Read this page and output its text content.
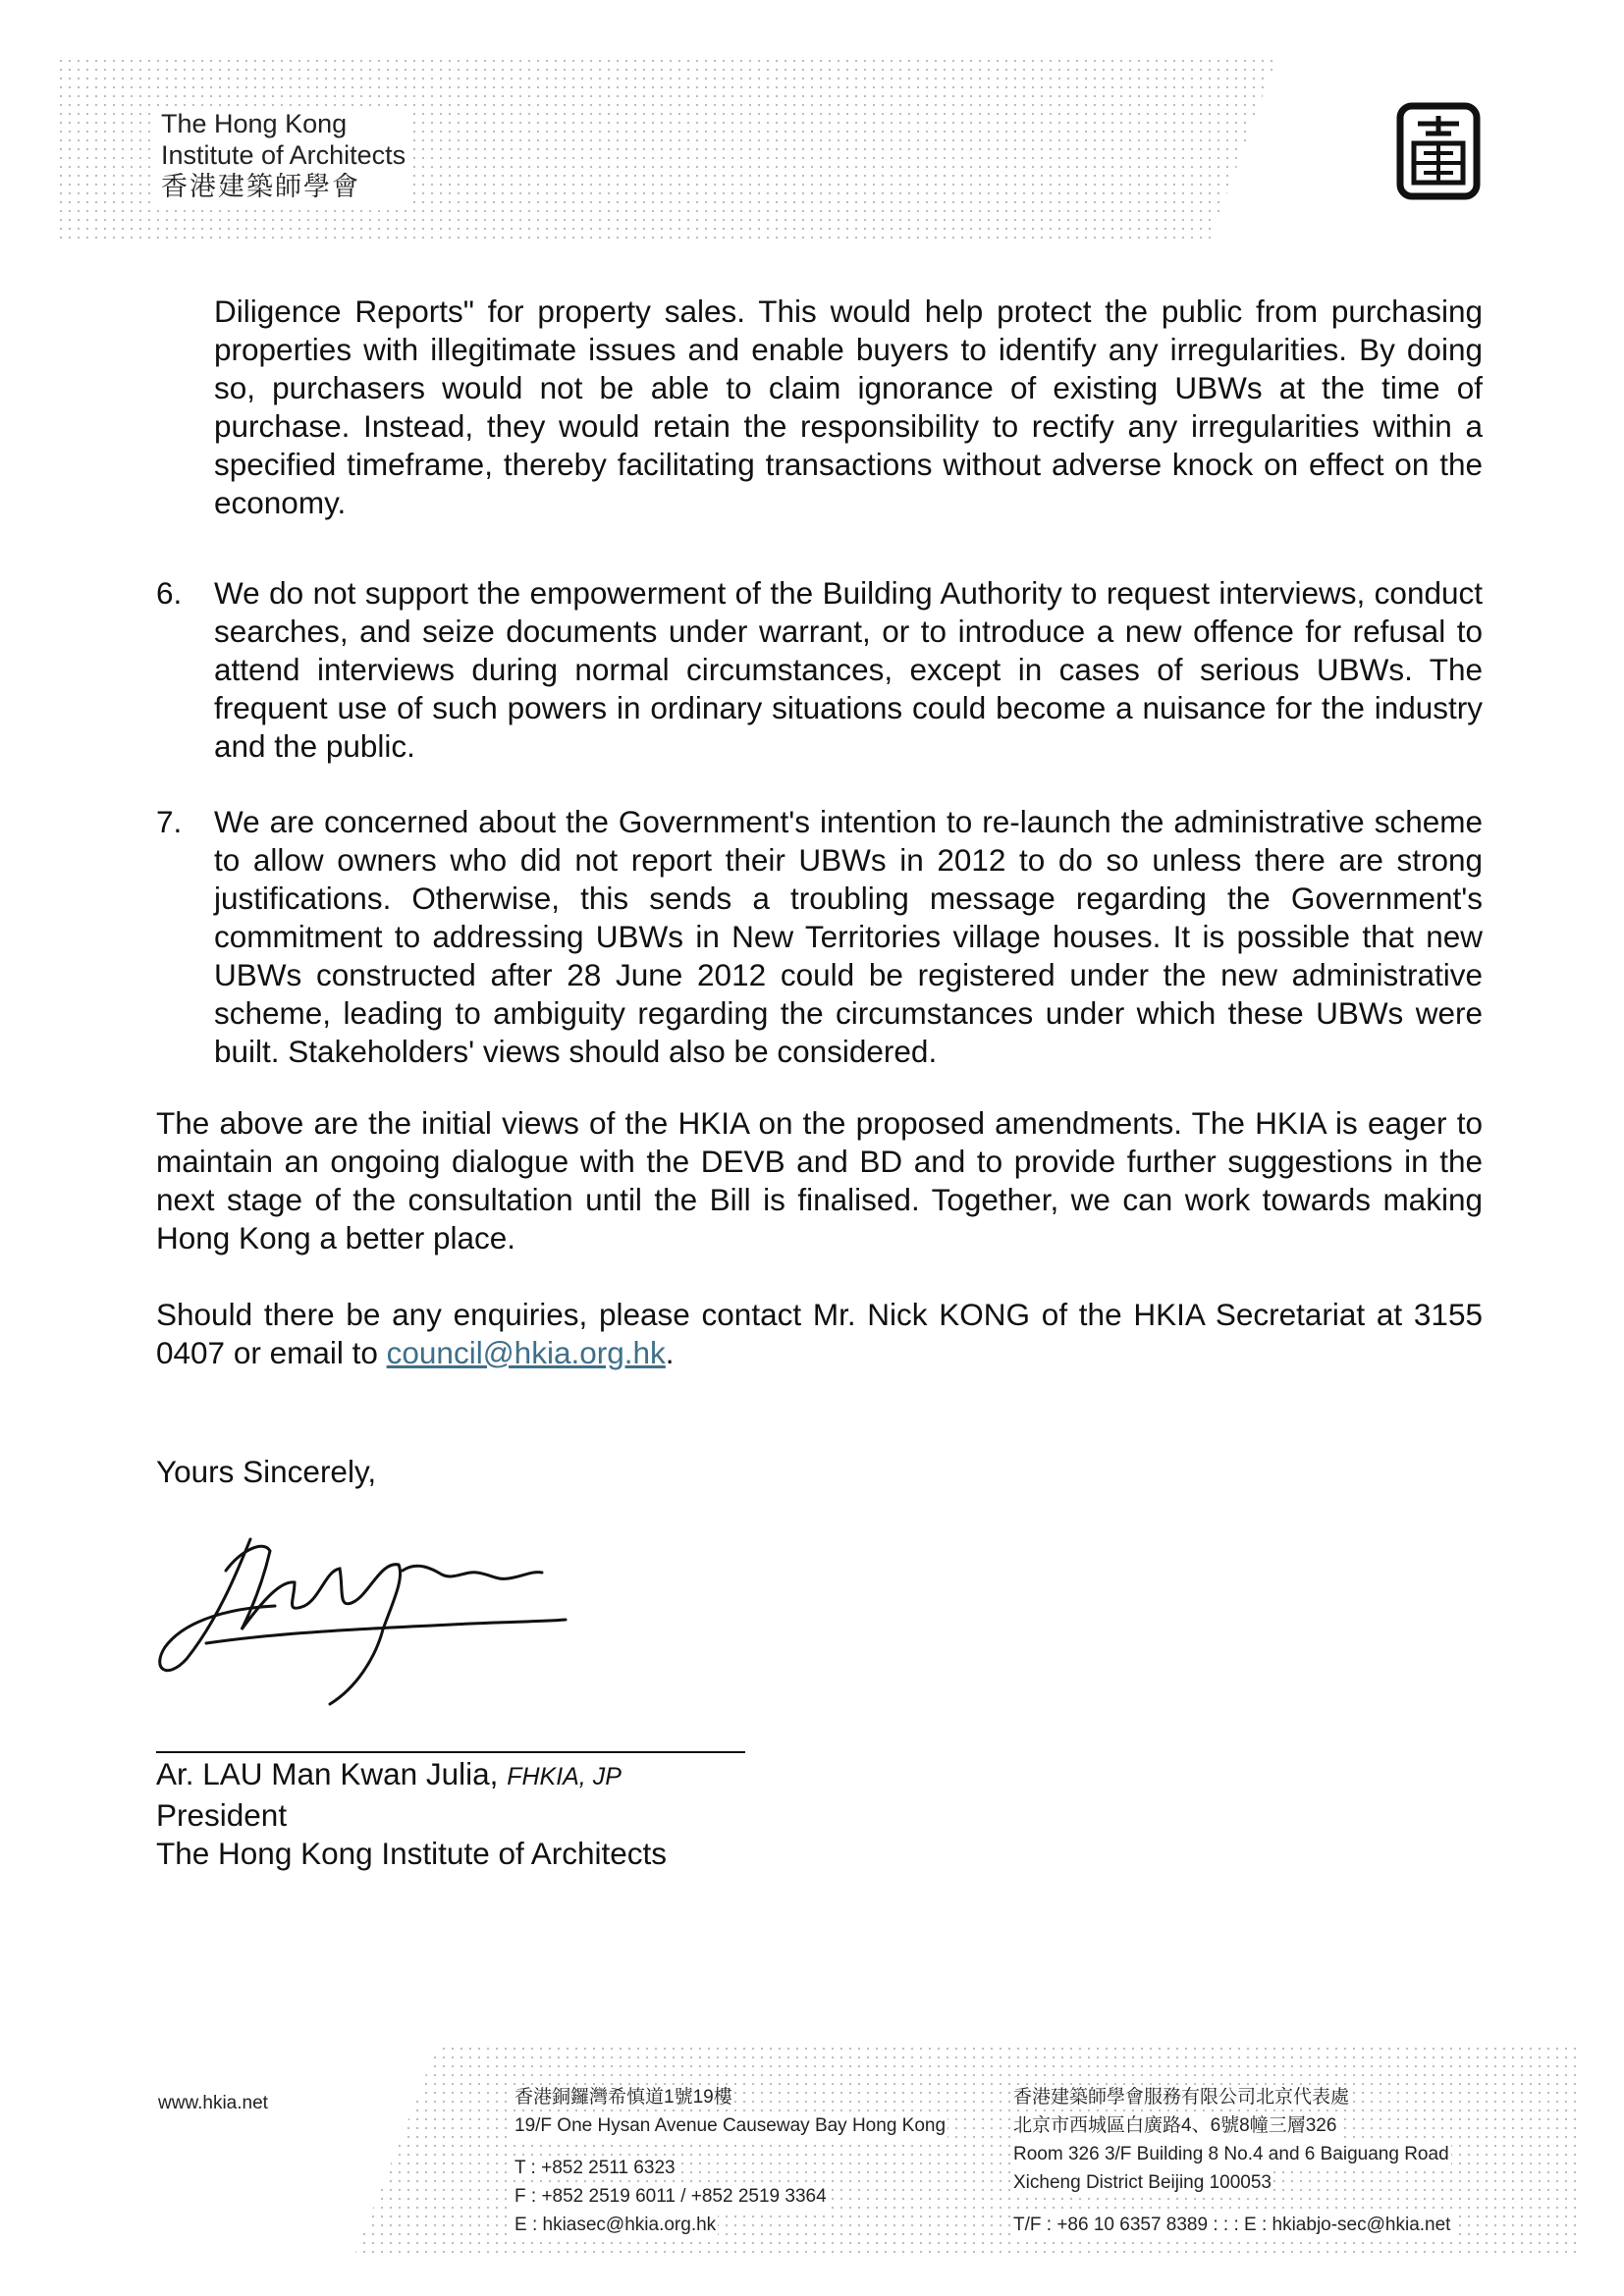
The Hong Kong
Institute of Architects
香港建築師學會
Diligence Reports" for property sales. This would help protect the public from purchasing properties with illegitimate issues and enable buyers to identify any irregularities. By doing so, purchasers would not be able to claim ignorance of existing UBWs at the time of purchase. Instead, they would retain the responsibility to rectify any irregularities within a specified timeframe, thereby facilitating transactions without adverse knock on effect on the economy.
6. We do not support the empowerment of the Building Authority to request interviews, conduct searches, and seize documents under warrant, or to introduce a new offence for refusal to attend interviews during normal circumstances, except in cases of serious UBWs. The frequent use of such powers in ordinary situations could become a nuisance for the industry and the public.
7. We are concerned about the Government's intention to re-launch the administrative scheme to allow owners who did not report their UBWs in 2012 to do so unless there are strong justifications. Otherwise, this sends a troubling message regarding the Government's commitment to addressing UBWs in New Territories village houses. It is possible that new UBWs constructed after 28 June 2012 could be registered under the new administrative scheme, leading to ambiguity regarding the circumstances under which these UBWs were built. Stakeholders' views should also be considered.
The above are the initial views of the HKIA on the proposed amendments. The HKIA is eager to maintain an ongoing dialogue with the DEVB and BD and to provide further suggestions in the next stage of the consultation until the Bill is finalised. Together, we can work towards making Hong Kong a better place.
Should there be any enquiries, please contact Mr. Nick KONG of the HKIA Secretariat at 3155 0407 or email to council@hkia.org.hk.
Yours Sincerely,
Ar. LAU Man Kwan Julia, FHKIA, JP
President
The Hong Kong Institute of Architects
www.hkia.net	香港銅鑼灣希慎道1號19樓
19/F One Hysan Avenue Causeway Bay Hong Kong
T : +852 2511 6323
F : +852 2519 6011 / +852 2519 3364
E : hkiasec@hkia.org.hk
香港建築師學會服務有限公司北京代表處
北京市西城區白廣路4、6號8幢三層326
Room 326 3/F Building 8 No.4 and 6 Baiguang Road
Xicheng District Beijing 100053
T/F : +86 10 6357 8389 : : : E : hkiabjo-sec@hkia.net
